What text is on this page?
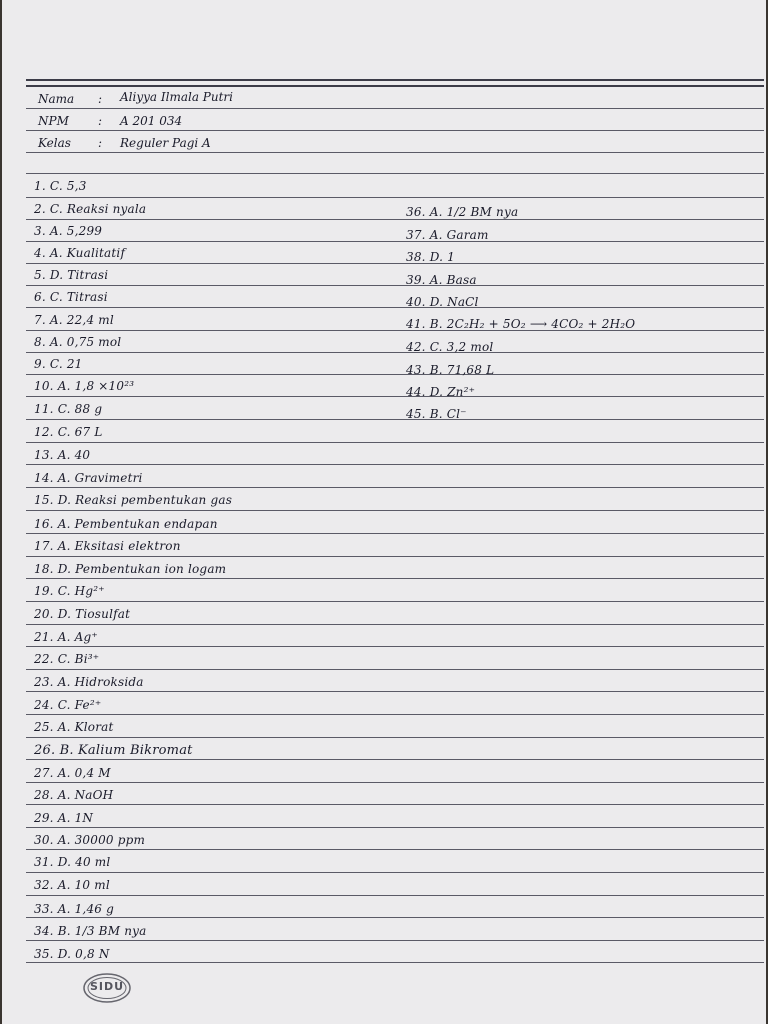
Nama : Aliyya Ilmala Putri
NPM : A 201 034
Kelas : Reguler Pagi A
1. C. 5,3
2. C. Reaksi nyala
3. A. 5,299
4. A. Kualitatif
5. D. Titrasi
6. C. Titrasi
7. A. 22,4 ml
8. A. 0,75 mol
9. C. 21
10. A. 1,8 ×10²³
11. C. 88 g
12. C. 67 L
13. A. 40
14. A. Gravimetri
15. D. Reaksi pembentukan gas
16. A. Pembentukan endapan
17. A. Eksitasi elektron
18. D. Pembentukan ion logam
19. C. Hg²⁺
20. D. Tiosulfat
21. A. Ag⁺
22. C. Bi³⁺
23. A. Hidroksida
24. C. Fe²⁺
25. A. Klorat
26. B. Kalium Bikromat
27. A. 0,4 M
28. A. NaOH
29. A. 1N
30. A. 30000 ppm
31. D. 40 ml
32. A. 10 ml
33. A. 1,46 g
34. B. 1/3 BM nya
35. D. 0,8 N
36. A. 1/2 BM nya
37. A. Garam
38. D. 1
39. A. Basa
40. D. NaCl
41. B. 2C₂H₂ + 5O₂ ⟶ 4CO₂ + 2H₂O
42. C. 3,2 mol
43. B. 71,68 L
44. D. Zn²⁺
45. B. Cl⁻
SIDU
